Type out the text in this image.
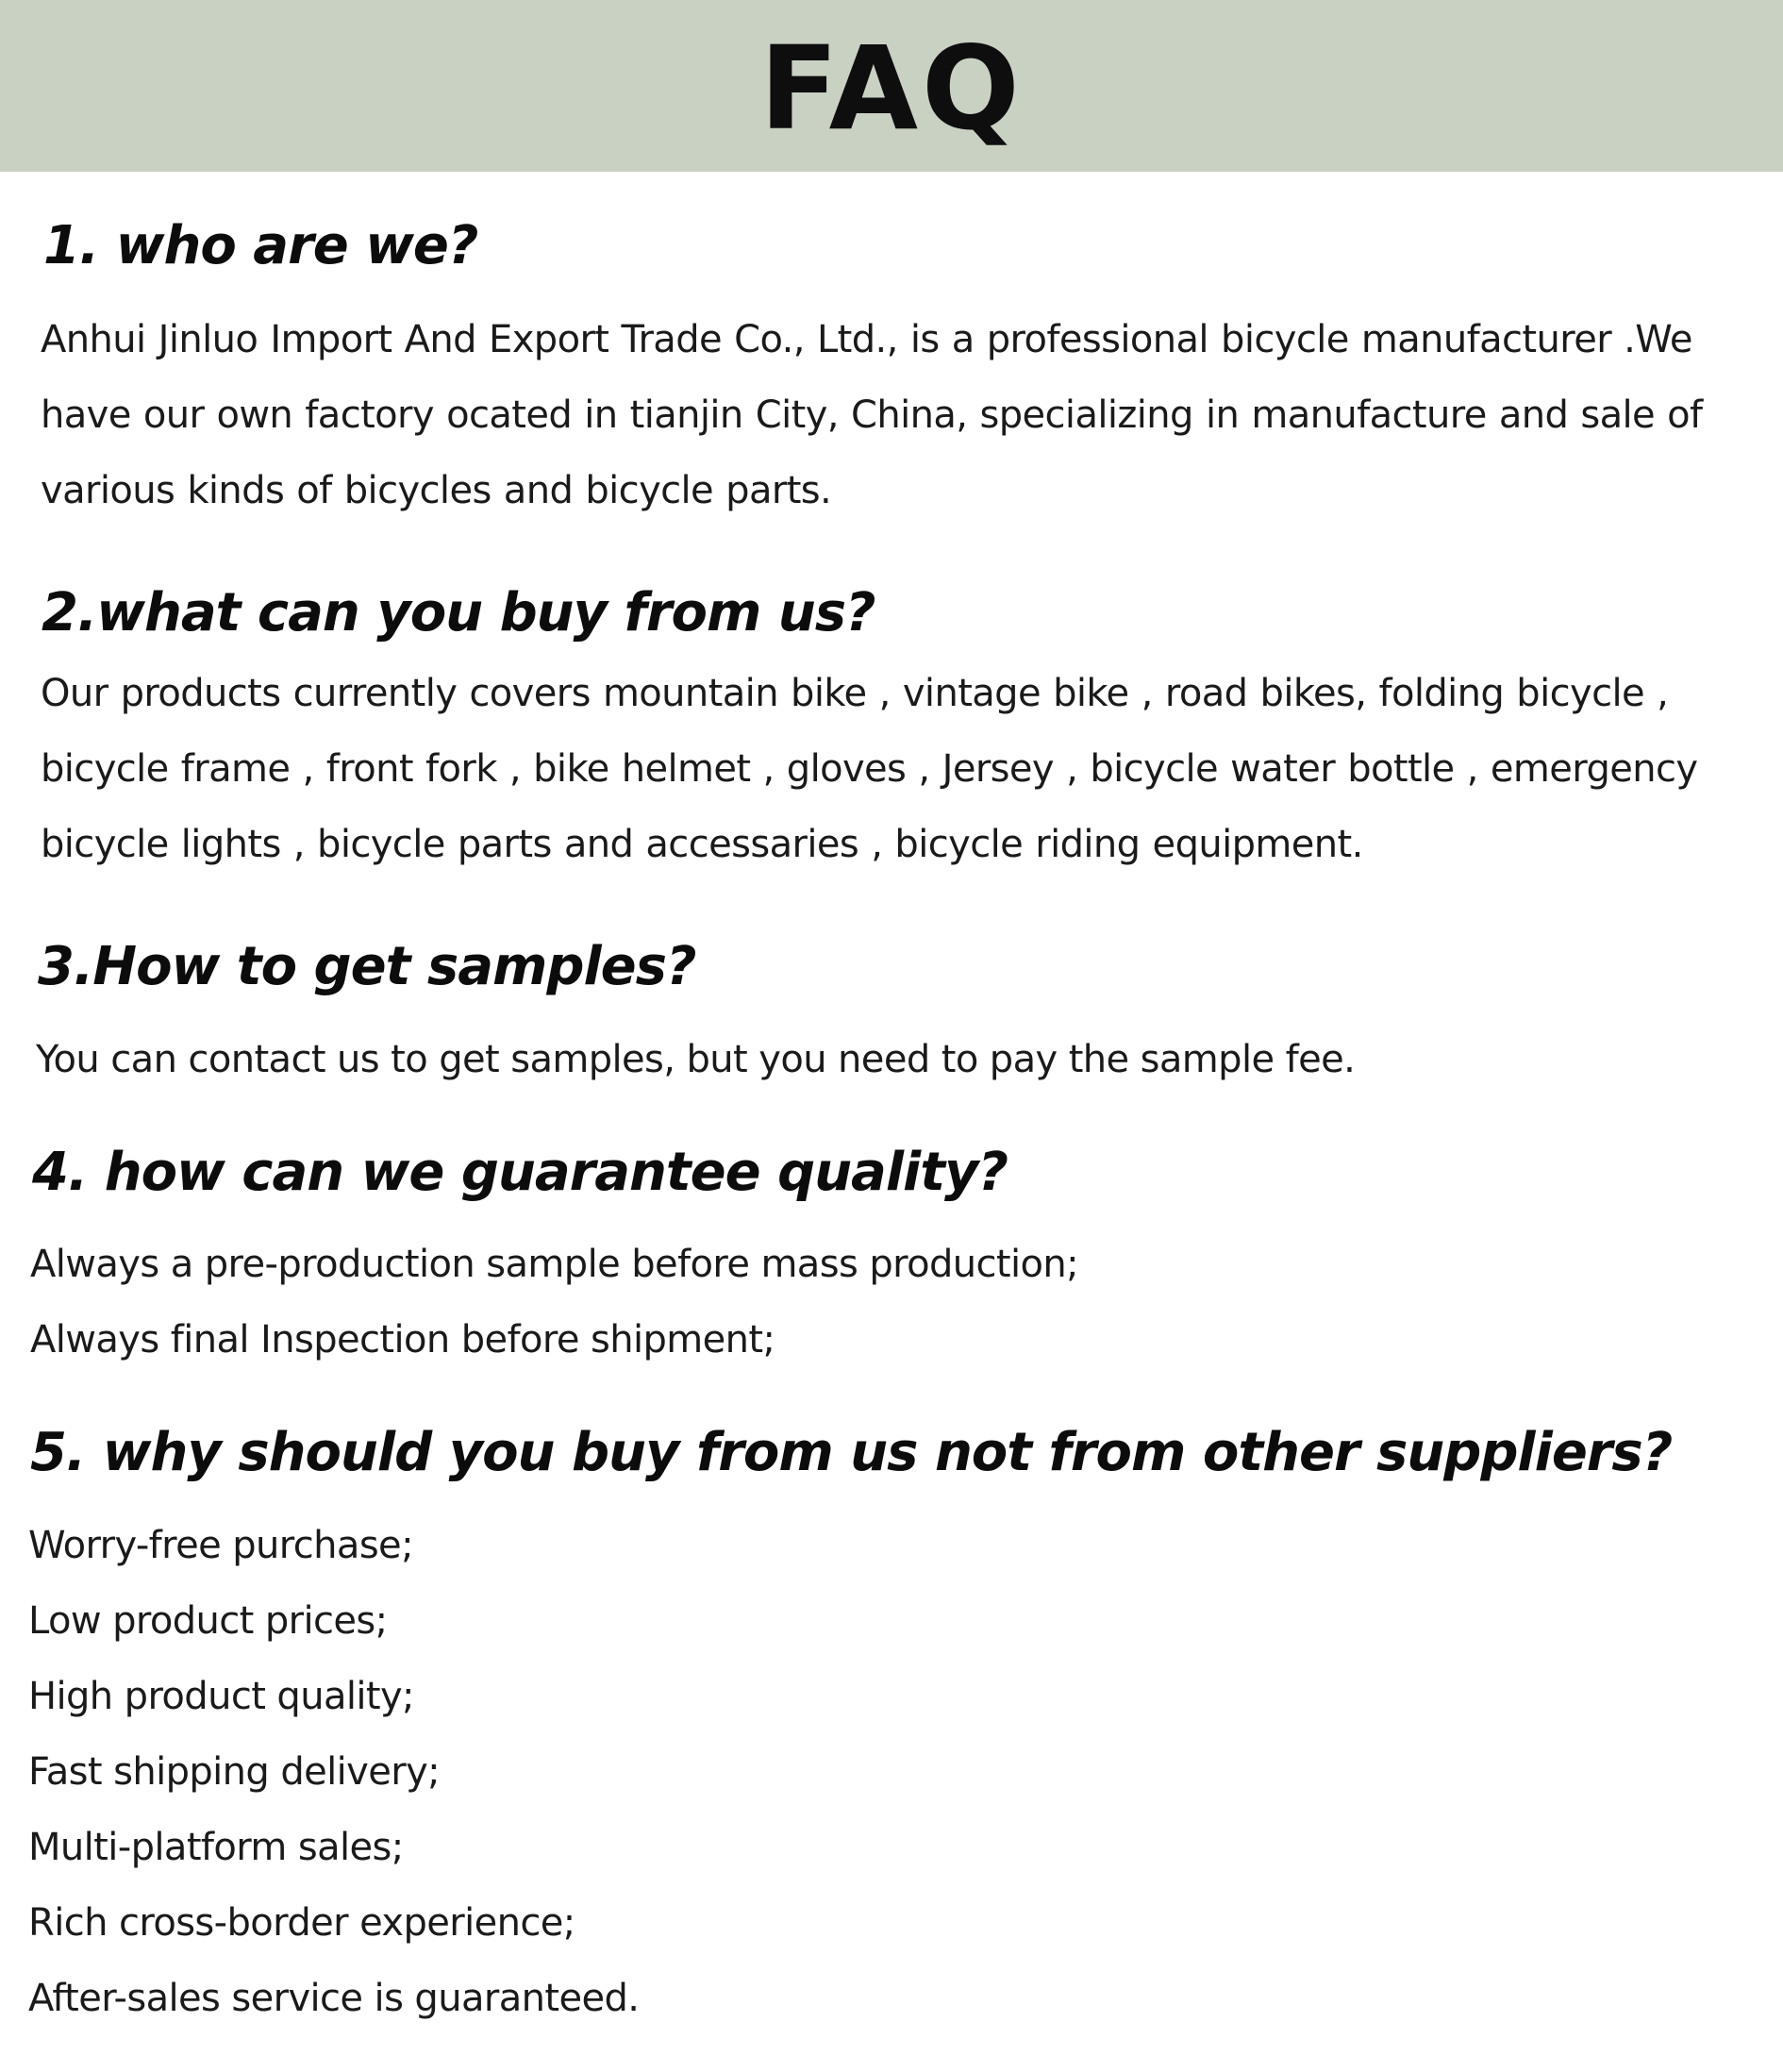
FAQ
1. who are we?

Anhui Jinluo Import And Export Trade Co., Ltd., is a professional bicycle manufacturer .We have our own factory ocated in tianjin City, China, specializing in manufacture and sale of various kinds of bicycles and bicycle parts.

2.what can you buy from us?

Our products currently covers mountain bike , vintage bike , road bikes, folding bicycle , bicycle frame , front fork , bike helmet , gloves , Jersey , bicycle water bottle , emergency bicycle lights , bicycle parts and accessaries , bicycle riding equipment.

3.How to get samples?

You can contact us to get samples, but you need to pay the sample fee.

4. how can we guarantee quality?

Always a pre-production sample before mass production;
Always final Inspection before shipment;

5. why should you buy from us not from other suppliers?

Worry-free purchase;
Low product prices;
High product quality;
Fast shipping delivery;
Multi-platform sales;
Rich cross-border experience;
After-sales service is guaranteed.
